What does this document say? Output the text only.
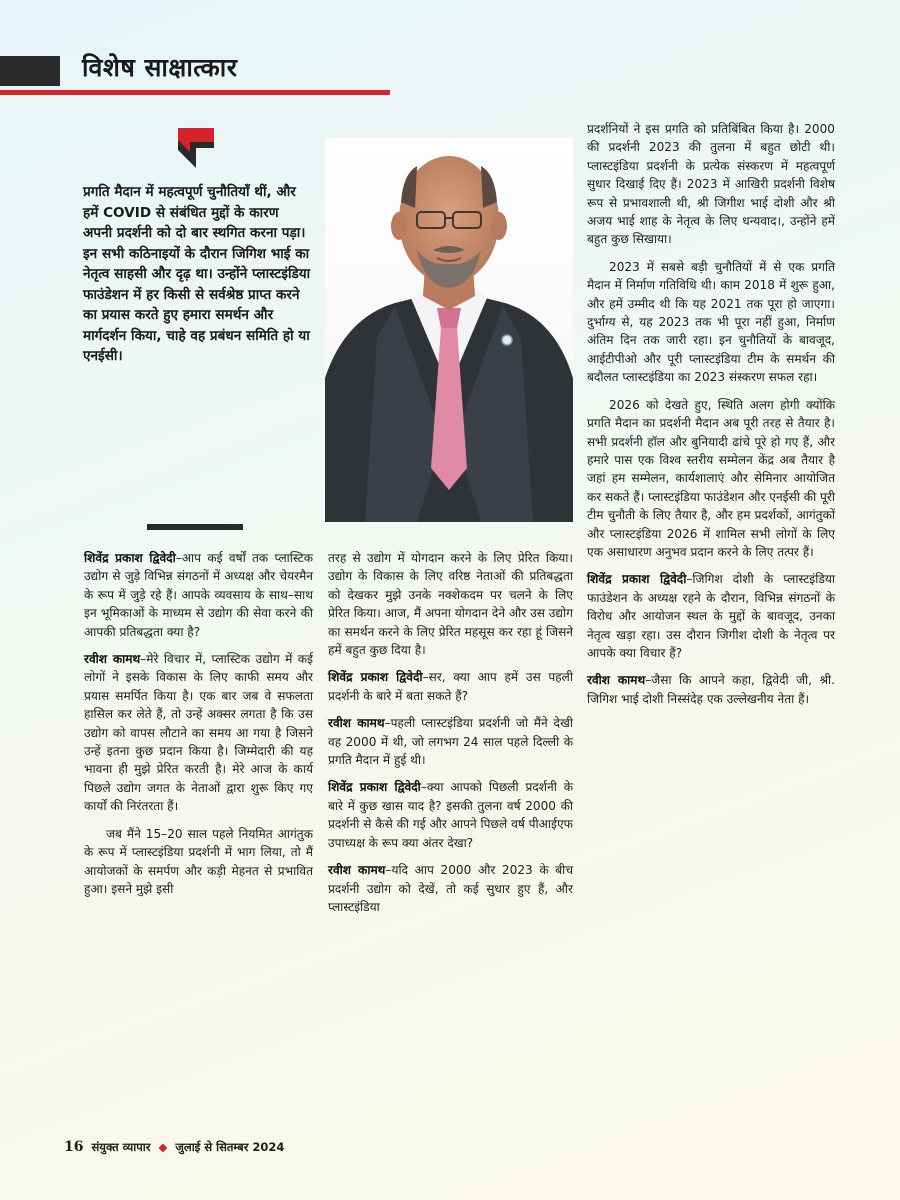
विशेष साक्षात्कार
प्रगति मैदान में महत्वपूर्ण चुनौतियाँ थीं, और हमें COVID से संबंधित मुद्दों के कारण अपनी प्रदर्शनी को दो बार स्थगित करना पड़ा। इन सभी कठिनाइयों के दौरान जिगिश भाई का नेतृत्व साहसी और दृढ़ था। उन्होंने प्लास्टइंडिया फाउंडेशन में हर किसी से सर्वश्रेष्ठ प्राप्त करने का प्रयास करते हुए हमारा समर्थन और मार्गदर्शन किया, चाहे वह प्रबंधन समिति हो या एनईसी।

शिवेंद्र प्रकाश द्विवेदी–आप कई वर्षों तक प्लास्टिक उद्योग से जुड़े विभिन्न संगठनों में अध्यक्ष और चेयरमैन के रूप में जुड़े रहे हैं। आपके व्यवसाय के साथ–साथ इन भूमिकाओं के माध्यम से उद्योग की सेवा करने की आपकी प्रतिबद्धता क्या है?

रवीश कामथ–मेरे विचार में, प्लास्टिक उद्योग में कई लोगों ने इसके विकास के लिए काफी समय और प्रयास समर्पित किया है। एक बार जब वे सफलता हासिल कर लेते हैं, तो उन्हें अक्सर लगता है कि उस उद्योग को वापस लौटाने का समय आ गया है जिसने उन्हें इतना कुछ प्रदान किया है। जिम्मेदारी की यह भावना ही मुझे प्रेरित करती है। मेरे आज के कार्य पिछले उद्योग जगत के नेताओं द्वारा शुरू किए गए कार्यों की निरंतरता हैं।

जब मैंने 15–20 साल पहले नियमित आगंतुक के रूप में प्लास्टइंडिया प्रदर्शनी में भाग लिया, तो मैं आयोजकों के समर्पण और कड़ी मेहनत से प्रभावित हुआ। इसने मुझे इसी

तरह से उद्योग में योगदान करने के लिए प्रेरित किया। उद्योग के विकास के लिए वरिष्ठ नेताओं की प्रतिबद्धता को देखकर मुझे उनके नक्शेकदम पर चलने के लिए प्रेरित किया। आज, मैं अपना योगदान देने और उस उद्योग का समर्थन करने के लिए प्रेरित महसूस कर रहा हूं जिसने हमें बहुत कुछ दिया है।

शिवेंद्र प्रकाश द्विवेदी–सर, क्या आप हमें उस पहली प्रदर्शनी के बारे में बता सकते हैं?

रवीश कामथ–पहली प्लास्टइंडिया प्रदर्शनी जो मैंने देखी वह 2000 में थी, जो लगभग 24 साल पहले दिल्ली के प्रगति मैदान में हुई थी।

शिवेंद्र प्रकाश द्विवेदी–क्या आपको पिछली प्रदर्शनी के बारे में कुछ खास याद है? इसकी तुलना वर्ष 2000 की प्रदर्शनी से कैसे की गई और आपने पिछले वर्ष पीआईएफ उपाध्यक्ष के रूप क्या अंतर देखा?

रवीश कामथ–यदि आप 2000 और 2023 के बीच प्रदर्शनी उद्योग को देखें, तो कई सुधार हुए हैं, और प्लास्टइंडिया

प्रदर्शनियों ने इस प्रगति को प्रतिबिंबित किया है। 2000 की प्रदर्शनी 2023 की तुलना में बहुत छोटी थी। प्लास्टइंडिया प्रदर्शनी के प्रत्येक संस्करण में महत्वपूर्ण सुधार दिखाई दिए हैं। 2023 में आखिरी प्रदर्शनी विशेष रूप से प्रभावशाली थी, श्री जिगीश भाई दोशी और श्री अजय भाई शाह के नेतृत्व के लिए धन्यवाद।, उन्होंने हमें बहुत कुछ सिखाया।

2023 में सबसे बड़ी चुनौतियों में से एक प्रगति मैदान में निर्माण गतिविधि थी। काम 2018 में शुरू हुआ, और हमें उम्मीद थी कि यह 2021 तक पूरा हो जाएगा। दुर्भाग्य से, यह 2023 तक भी पूरा नहीं हुआ, निर्माण अंतिम दिन तक जारी रहा। इन चुनौतियों के बावजूद, आईटीपीओ और पूरी प्लास्टइंडिया टीम के समर्थन की बदौलत प्लास्टइंडिया का 2023 संस्करण सफल रहा।

2026 को देखते हुए, स्थिति अलग होगी क्योंकि प्रगति मैदान का प्रदर्शनी मैदान अब पूरी तरह से तैयार है। सभी प्रदर्शनी हॉल और बुनियादी ढांचे पूरे हो गए हैं, और हमारे पास एक विश्व स्तरीय सम्मेलन केंद्र अब तैयार है जहां हम सम्मेलन, कार्यशालाएं और सेमिनार आयोजित कर सकते हैं। प्लास्टइंडिया फाउंडेशन और एनईसी की पूरी टीम चुनौती के लिए तैयार है, और हम प्रदर्शकों, आगंतुकों और प्लास्टइंडिया 2026 में शामिल सभी लोगों के लिए एक असाधारण अनुभव प्रदान करने के लिए तत्पर हैं।

शिवेंद्र प्रकाश द्विवेदी–जिगिश दोशी के प्लास्टइंडिया फाउंडेशन के अध्यक्ष रहने के दौरान, विभिन्न संगठनों के विरोध और आयोजन स्थल के मुद्दों के बावजूद, उनका नेतृत्व खड़ा रहा। उस दौरान जिगीश दोशी के नेतृत्व पर आपके क्या विचार हैं?

रवीश कामथ–जैसा कि आपने कहा, द्विवेदी जी, श्री. जिगिश भाई दोशी निस्संदेह एक उल्लेखनीय नेता हैं।

16 संयुक्त व्यापार ◆ जुलाई से सितम्बर 2024
